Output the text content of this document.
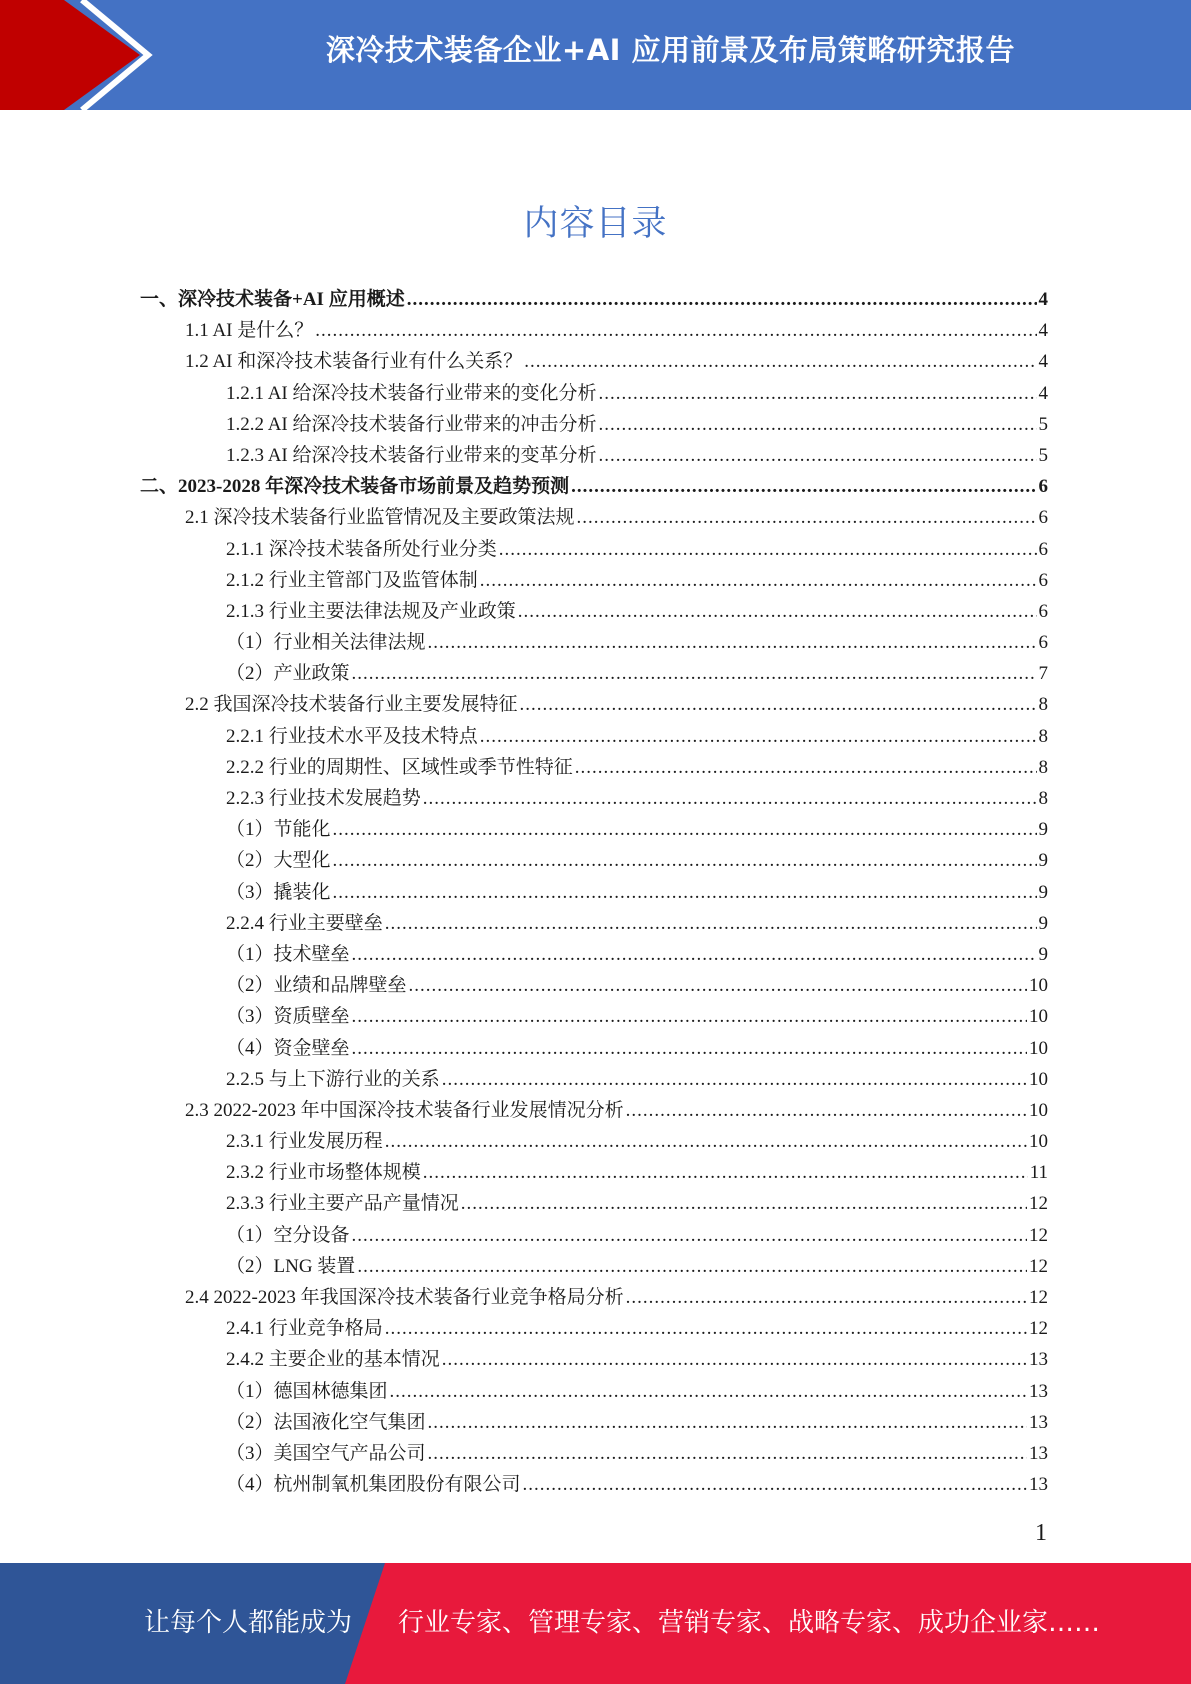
深冷技术装备企业+AI 应用前景及布局策略研究报告
内容目录
一、深冷技术装备+AI 应用概述 .....	4
1.1 AI 是什么？ .....	4
1.2 AI 和深冷技术装备行业有什么关系？ .....	4
1.2.1 AI 给深冷技术装备行业带来的变化分析 .....	4
1.2.2 AI 给深冷技术装备行业带来的冲击分析 .....	5
1.2.3 AI 给深冷技术装备行业带来的变革分析 .....	5
二、2023-2028 年深冷技术装备市场前景及趋势预测 .....	6
2.1 深冷技术装备行业监管情况及主要政策法规 .....	6
2.1.1 深冷技术装备所处行业分类 .....	6
2.1.2 行业主管部门及监管体制 .....	6
2.1.3 行业主要法律法规及产业政策 .....	6
（1）行业相关法律法规 .....	6
（2）产业政策 .....	7
2.2 我国深冷技术装备行业主要发展特征 .....	8
2.2.1 行业技术水平及技术特点 .....	8
2.2.2 行业的周期性、区域性或季节性特征 .....	8
2.2.3 行业技术发展趋势 .....	8
（1）节能化 .....	9
（2）大型化 .....	9
（3）撬装化 .....	9
2.2.4 行业主要壁垒 .....	9
（1）技术壁垒 .....	9
（2）业绩和品牌壁垒 .....	10
（3）资质壁垒 .....	10
（4）资金壁垒 .....	10
2.2.5 与上下游行业的关系 .....	10
2.3 2022-2023 年中国深冷技术装备行业发展情况分析 .....	10
2.3.1 行业发展历程 .....	10
2.3.2 行业市场整体规模 .....	11
2.3.3 行业主要产品产量情况 .....	12
（1）空分设备 .....	12
（2）LNG 装置 .....	12
2.4 2022-2023 年我国深冷技术装备行业竞争格局分析 .....	12
2.4.1 行业竞争格局 .....	12
2.4.2 主要企业的基本情况 .....	13
（1）德国林德集团 .....	13
（2）法国液化空气集团 .....	13
（3）美国空气产品公司 .....	13
（4）杭州制氧机集团股份有限公司 .....	13
1
让每个人都能成为 行业专家、管理专家、营销专家、战略专家、成功企业家……
